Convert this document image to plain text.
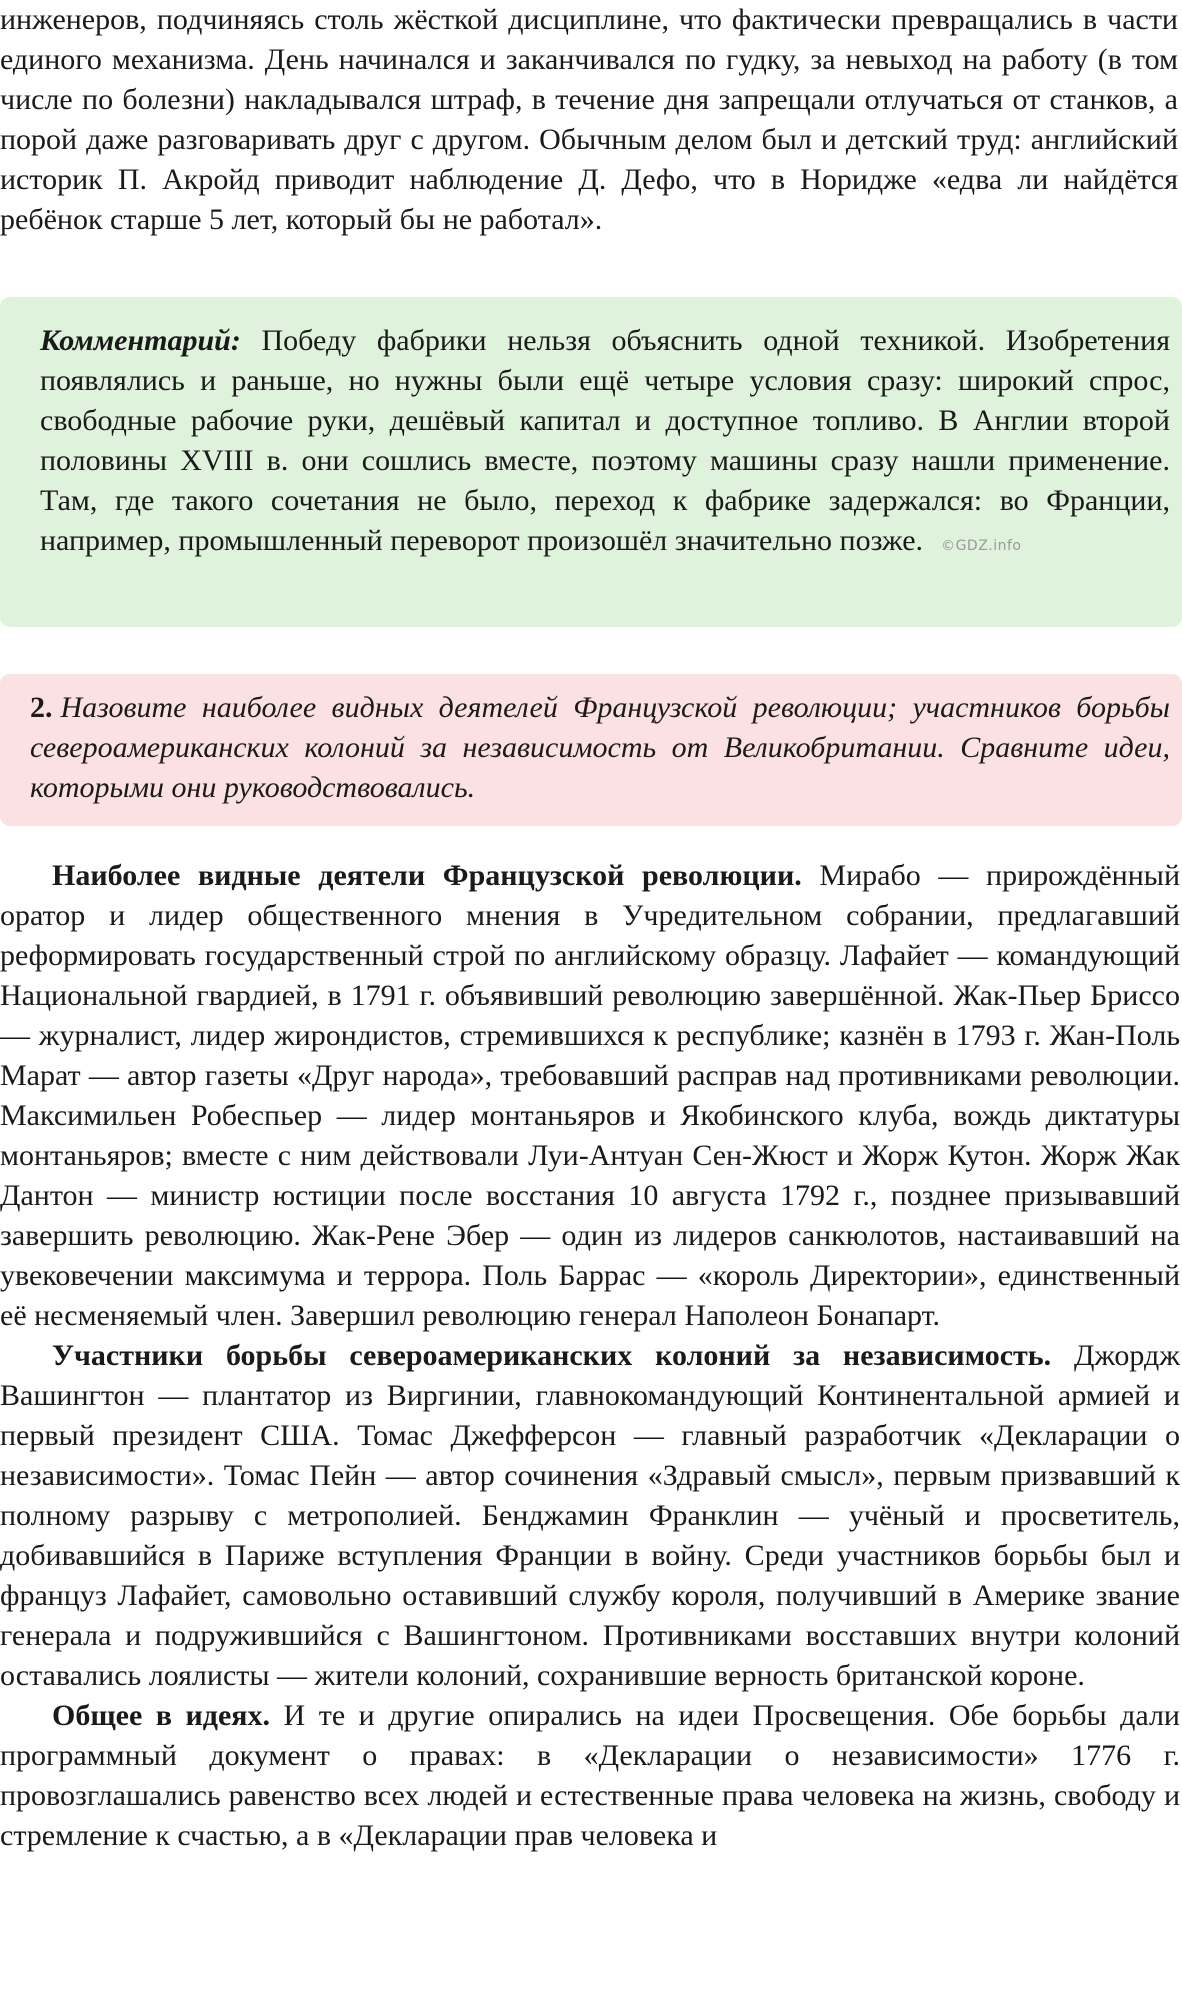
инженеров, подчиняясь столь жёсткой дисциплине, что фактически превращались в части единого механизма. День начинался и заканчивался по гудку, за невыход на работу (в том числе по болезни) накладывался штраф, в течение дня запрещали отлучаться от станков, а порой даже разговаривать друг с другом. Обычным делом был и детский труд: английский историк П. Акройд приводит наблюдение Д. Дефо, что в Норидже «едва ли найдётся ребёнок старше 5 лет, который бы не работал».

Комментарий: Победу фабрики нельзя объяснить одной техникой. Изобретения появлялись и раньше, но нужны были ещё четыре условия сразу: широкий спрос, свободные рабочие руки, дешёвый капитал и доступное топливо. В Англии второй половины XVIII в. они сошлись вместе, поэтому машины сразу нашли применение. Там, где такого сочетания не было, переход к фабрике задержался: во Франции, например, промышленный переворот произошёл значительно позже. ©GDZ.info

2. Назовите наиболее видных деятелей Французской революции; участников борьбы североамериканских колоний за независимость от Великобритании. Сравните идеи, которыми они руководствовались.

Наиболее видные деятели Французской революции. Мирабо — прирождённый оратор и лидер общественного мнения в Учредительном собрании, предлагавший реформировать государственный строй по английскому образцу. Лафайет — командующий Национальной гвардией, в 1791 г. объявивший революцию завершённой. Жак-Пьер Бриссо — журналист, лидер жирондистов, стремившихся к республике; казнён в 1793 г. Жан-Поль Марат — автор газеты «Друг народа», требовавший расправ над противниками революции. Максимильен Робеспьер — лидер монтаньяров и Якобинского клуба, вождь диктатуры монтаньяров; вместе с ним действовали Луи-Антуан Сен-Жюст и Жорж Кутон. Жорж Жак Дантон — министр юстиции после восстания 10 августа 1792 г., позднее призывавший завершить революцию. Жак-Рене Эбер — один из лидеров санкюлотов, настаивавший на увековечении максимума и террора. Поль Баррас — «король Директории», единственный её несменяемый член. Завершил революцию генерал Наполеон Бонапарт.

Участники борьбы североамериканских колоний за независимость. Джордж Вашингтон — плантатор из Виргинии, главнокомандующий Континентальной армией и первый президент США. Томас Джефферсон — главный разработчик «Декларации о независимости». Томас Пейн — автор сочинения «Здравый смысл», первым призвавший к полному разрыву с метрополией. Бенджамин Франклин — учёный и просветитель, добивавшийся в Париже вступления Франции в войну. Среди участников борьбы был и француз Лафайет, самовольно оставивший службу короля, получивший в Америке звание генерала и подружившийся с Вашингтоном. Противниками восставших внутри колоний оставались лоялисты — жители колоний, сохранившие верность британской короне.

Общее в идеях. И те и другие опирались на идеи Просвещения. Обе борьбы дали программный документ о правах: в «Декларации о независимости» 1776 г. провозглашались равенство всех людей и естественные права человека на жизнь, свободу и стремление к счастью, а в «Декларации прав человека и
